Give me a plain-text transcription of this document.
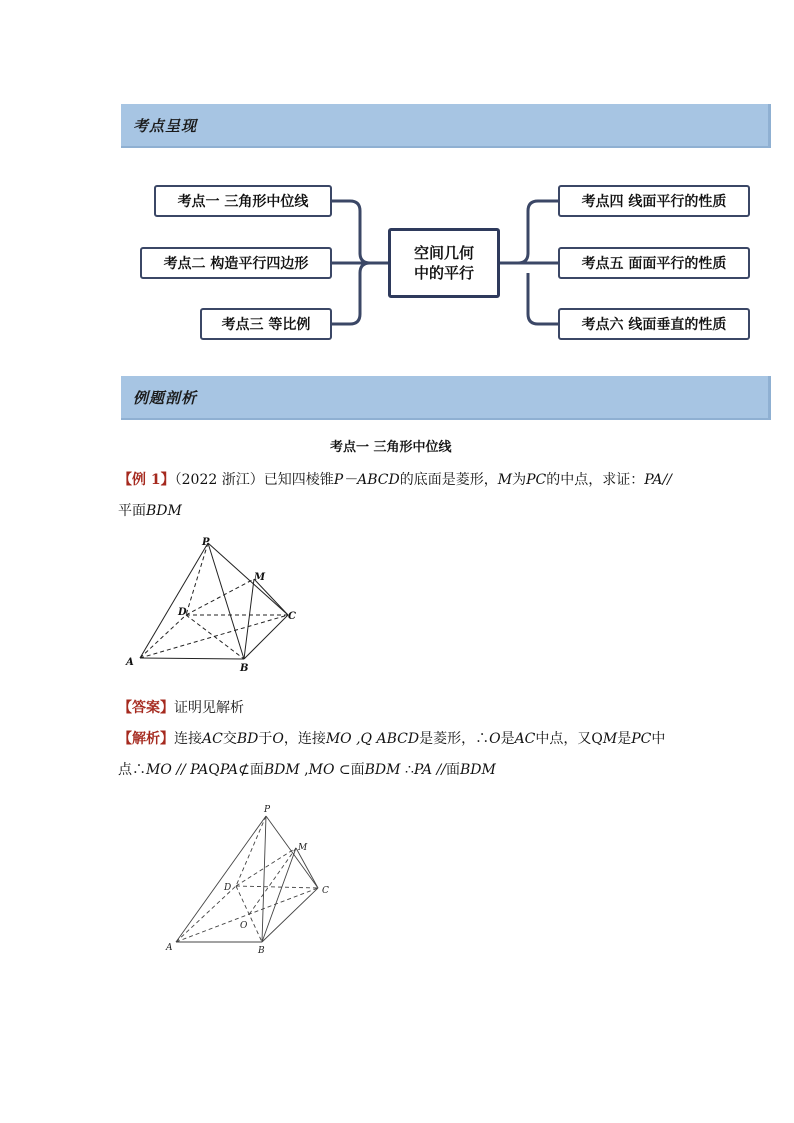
考点呈现
考点一 三角形中位线
考点二 构造平行四边形
考点三 等比例
空间几何中的平行
考点四 线面平行的性质
考点五 面面平行的性质
考点六 线面垂直的性质
例题剖析
考点一 三角形中位线
【例 1】（2022 浙江）已知四棱锥P－ABCD的底面是菱形，M为PC的中点，求证：PA//
平面BDM
P
M
D	C
A
B
【答案】证明见解析
【解析】连接AC交BD于O，连接MO ,Q ABCD是菱形，∴O是AC中点，又QM是PC中
点∴MO // PAQPA⊄面BDM ,MO ⊂面BDM ∴PA //面BDM
P
M
D	C
O
A	B
